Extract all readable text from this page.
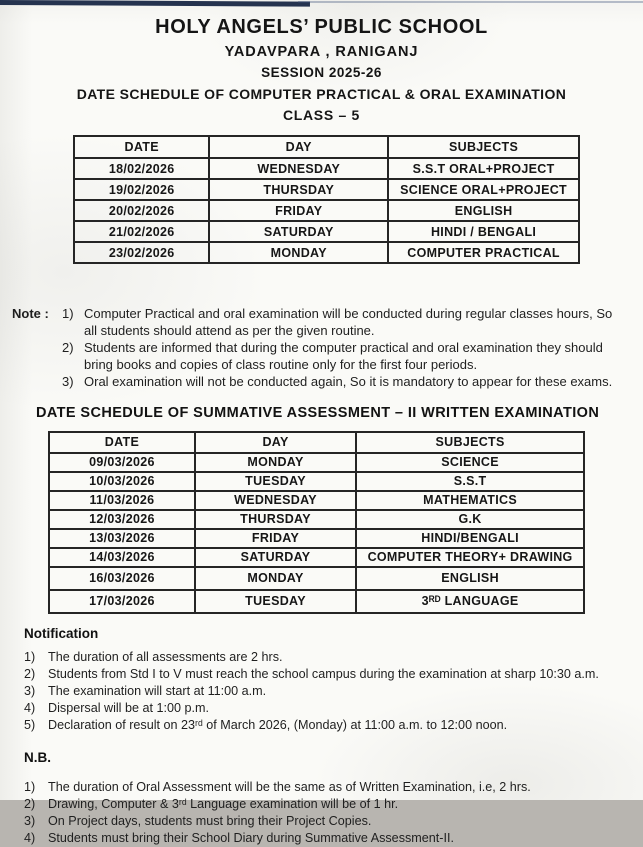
HOLY ANGELS’ PUBLIC SCHOOL
YADAVPARA , RANIGANJ
SESSION 2025-26
DATE SCHEDULE OF COMPUTER PRACTICAL & ORAL EXAMINATION
CLASS – 5
DATE	DAY	SUBJECTS
18/02/2026	WEDNESDAY	S.S.T ORAL+PROJECT
19/02/2026	THURSDAY	SCIENCE ORAL+PROJECT
20/02/2026	FRIDAY	ENGLISH
21/02/2026	SATURDAY	HINDI / BENGALI
23/02/2026	MONDAY	COMPUTER PRACTICAL
Note :	1) Computer Practical and oral examination will be conducted during regular classes hours, So all students should attend as per the given routine.
2) Students are informed that during the computer practical and oral examination they should bring books and copies of class routine only for the first four periods.
3) Oral examination will not be conducted again, So it is mandatory to appear for these exams.
DATE SCHEDULE OF SUMMATIVE ASSESSMENT – II WRITTEN EXAMINATION
DATE	DAY	SUBJECTS
09/03/2026	MONDAY	SCIENCE
10/03/2026	TUESDAY	S.S.T
11/03/2026	WEDNESDAY	MATHEMATICS
12/03/2026	THURSDAY	G.K
13/03/2026	FRIDAY	HINDI/BENGALI
14/03/2026	SATURDAY	COMPUTER THEORY+ DRAWING
16/03/2026	MONDAY	ENGLISH
17/03/2026	TUESDAY	3ᴿᴰ LANGUAGE
Notification
1)	The duration of all assessments are 2 hrs.
2)	Students from Std I to V must reach the school campus during the examination at sharp 10:30 a.m.
3)	The examination will start at 11:00 a.m.
4)	Dispersal will be at 1:00 p.m.
5)	Declaration of result on 23ʳᵈ of March 2026, (Monday) at 11:00 a.m. to 12:00 noon.
N.B.
1)	The duration of Oral Assessment will be the same as of Written Examination, i.e, 2 hrs.
2)	Drawing, Computer & 3ʳᵈ Language examination will be of 1 hr.
3)	On Project days, students must bring their Project Copies.
4)	Students must bring their School Diary during Summative Assessment-II.
